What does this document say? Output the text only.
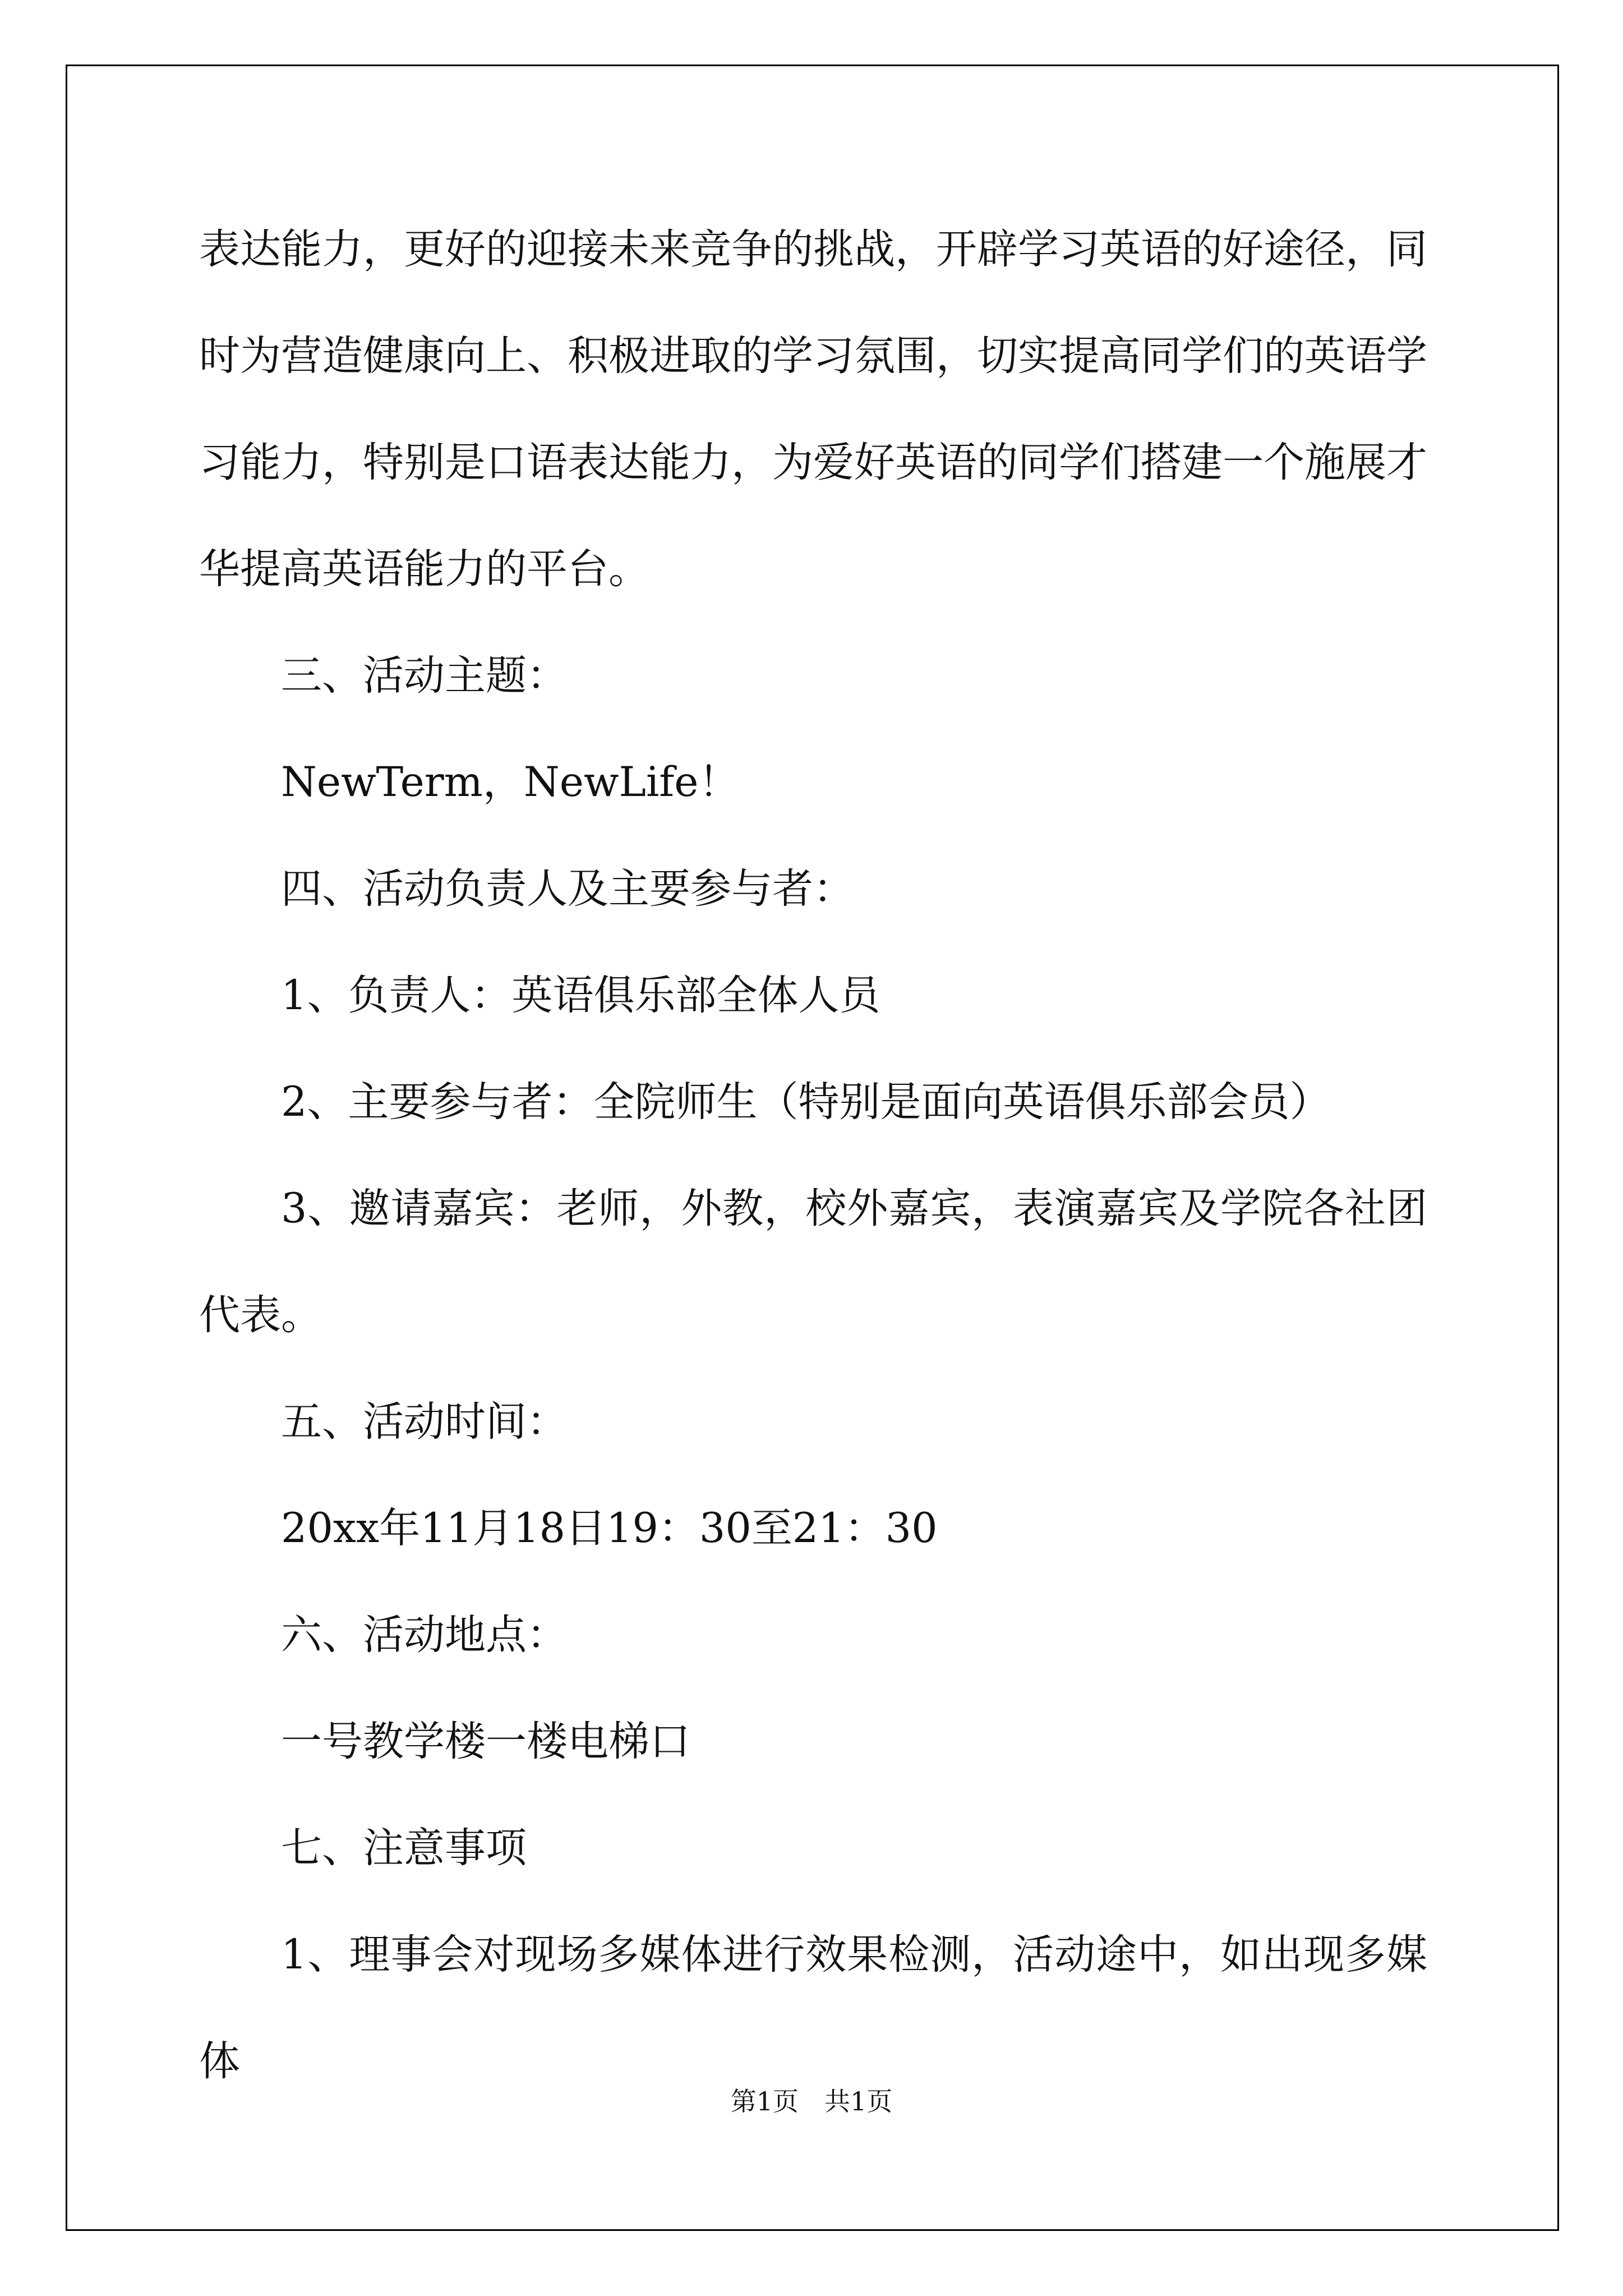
表达能力，更好的迎接未来竞争的挑战，开辟学习英语的好途径，同时为营造健康向上、积极进取的学习氛围，切实提高同学们的英语学习能力，特别是口语表达能力，为爱好英语的同学们搭建一个施展才华提高英语能力的平台。

三、活动主题：

NewTerm，NewLife！

四、活动负责人及主要参与者：

1、负责人：英语俱乐部全体人员

2、主要参与者：全院师生（特别是面向英语俱乐部会员）

3、邀请嘉宾：老师，外教，校外嘉宾，表演嘉宾及学院各社团代表。

五、活动时间：

20xx年11月18日19：30至21：30

六、活动地点：

一号教学楼一楼电梯口

七、注意事项

1、理事会对现场多媒体进行效果检测，活动途中，如出现多媒体

第1页 共1页
